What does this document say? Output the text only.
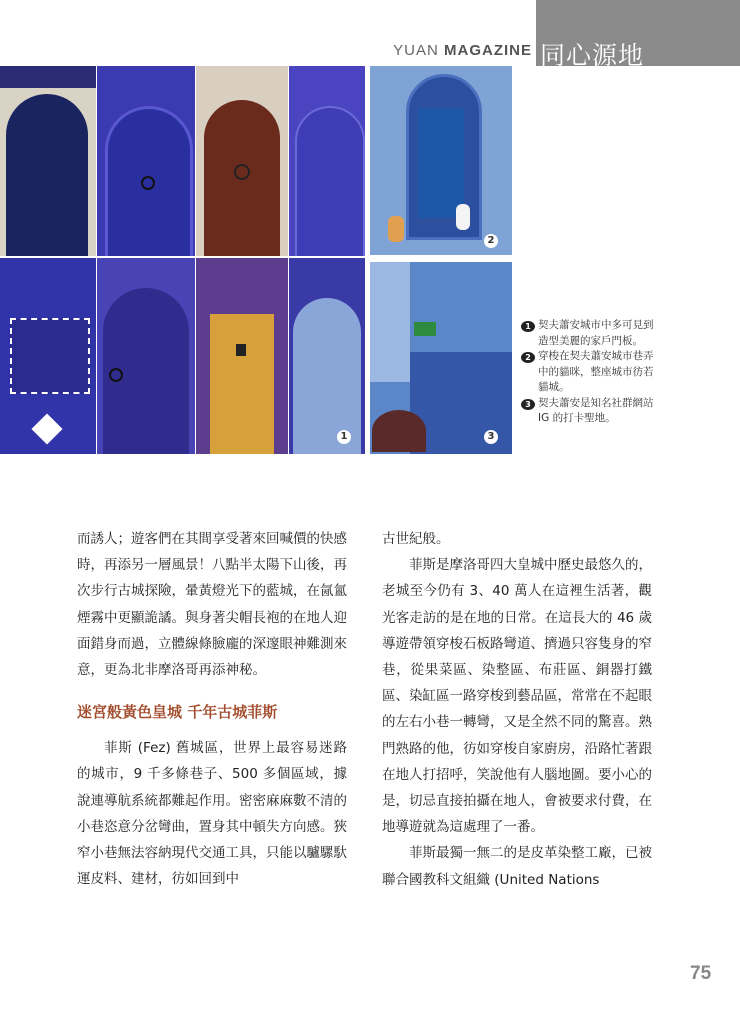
YUAN MAGAZINE 同心源地
1
2
3
1 契夫蕭安城市中多可見到造型美麗的家戶門板。
2 穿梭在契夫蕭安城市巷弄中的貓咪，整座城市彷若貓城。
3 契夫蕭安是知名社群網站 IG 的打卡聖地。

而誘人；遊客們在其間享受著來回喊價的快感時，再添另一層風景！八點半太陽下山後，再次步行古城探險，暈黃燈光下的藍城，在氤氳煙霧中更顯詭譎。與身著尖帽長袍的在地人迎面錯身而過，立體線條臉龐的深邃眼神難測來意，更為北非摩洛哥再添神秘。

迷宮般黃色皇城 千年古城菲斯

菲斯 (Fez) 舊城區，世界上最容易迷路的城市，9 千多條巷子、500 多個區域，據說連導航系統都難起作用。密密麻麻數不清的小巷恣意分岔彎曲，置身其中頓失方向感。狹窄小巷無法容納現代交通工具，只能以驢騾馱運皮料、建材，彷如回到中

古世紀般。

菲斯是摩洛哥四大皇城中歷史最悠久的，老城至今仍有 3、40 萬人在這裡生活著，觀光客走訪的是在地的日常。在這長大的 46 歲導遊帶領穿梭石板路彎道、擠過只容隻身的窄巷，從果菜區、染整區、布莊區、銅器打鐵區、染缸區一路穿梭到藝品區，常常在不起眼的左右小巷一轉彎，又是全然不同的驚喜。熟門熟路的他，彷如穿梭自家廚房，沿路忙著跟在地人打招呼，笑說他有人腦地圖。要小心的是，切忌直接拍攝在地人，會被要求付費，在地導遊就為這處理了一番。

菲斯最獨一無二的是皮革染整工廠，已被聯合國教科文組織 (United Nations

75
